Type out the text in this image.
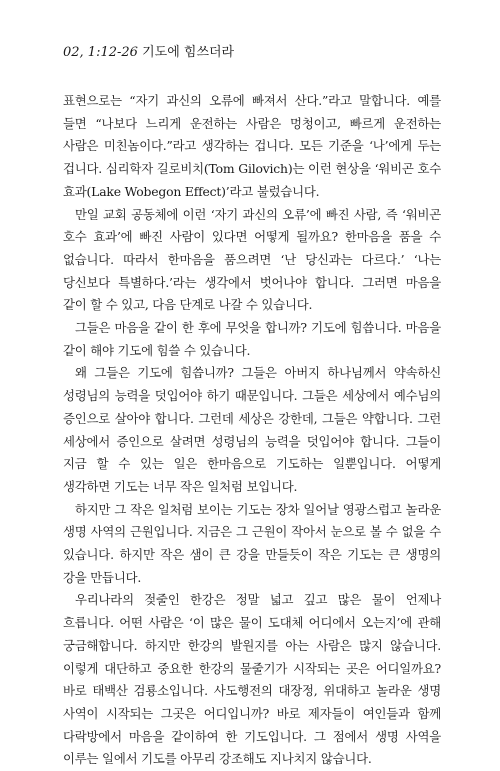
02, 1:12-26 기도에 힘쓰더라

표현으로는 “자기 과신의 오류에 빠져서 산다.”라고 말합니다. 예를 들면 “나보다 느리게 운전하는 사람은 멍청이고, 빠르게 운전하는 사람은 미친놈이다.”라고 생각하는 겁니다. 모든 기준을 ‘나’에게 두는 겁니다. 심리학자 길로비치(Tom Gilovich)는 이런 현상을 ‘워비곤 호수 효과(Lake Wobegon Effect)’라고 불렀습니다.

만일 교회 공동체에 이런 ‘자기 과신의 오류’에 빠진 사람, 즉 ‘워비곤 호수 효과’에 빠진 사람이 있다면 어떻게 될까요? 한마음을 품을 수 없습니다. 따라서 한마음을 품으려면 ‘난 당신과는 다르다.’ ‘나는 당신보다 특별하다.’라는 생각에서 벗어나야 합니다. 그러면 마음을 같이 할 수 있고, 다음 단계로 나갈 수 있습니다.

그들은 마음을 같이 한 후에 무엇을 합니까? 기도에 힘씁니다. 마음을 같이 해야 기도에 힘쓸 수 있습니다.

왜 그들은 기도에 힘씁니까? 그들은 아버지 하나님께서 약속하신 성령님의 능력을 덧입어야 하기 때문입니다. 그들은 세상에서 예수님의 증인으로 살아야 합니다. 그런데 세상은 강한데, 그들은 약합니다. 그런 세상에서 증인으로 살려면 성령님의 능력을 덧입어야 합니다. 그들이 지금 할 수 있는 일은 한마음으로 기도하는 일뿐입니다. 어떻게 생각하면 기도는 너무 작은 일처럼 보입니다.

하지만 그 작은 일처럼 보이는 기도는 장차 일어날 영광스럽고 놀라운 생명 사역의 근원입니다. 지금은 그 근원이 작아서 눈으로 볼 수 없을 수 있습니다. 하지만 작은 샘이 큰 강을 만들듯이 작은 기도는 큰 생명의 강을 만듭니다.

우리나라의 젖줄인 한강은 정말 넓고 깊고 많은 물이 언제나 흐릅니다. 어떤 사람은 ‘이 많은 물이 도대체 어디에서 오는지’에 관해 궁금해합니다. 하지만 한강의 발원지를 아는 사람은 많지 않습니다. 이렇게 대단하고 중요한 한강의 물줄기가 시작되는 곳은 어디일까요? 바로 태백산 검룡소입니다. 사도행전의 대장정, 위대하고 놀라운 생명 사역이 시작되는 그곳은 어디입니까? 바로 제자들이 여인들과 함께 다락방에서 마음을 같이하여 한 기도입니다. 그 점에서 생명 사역을 이루는 일에서 기도를 아무리 강조해도 지나치지 않습니다.
